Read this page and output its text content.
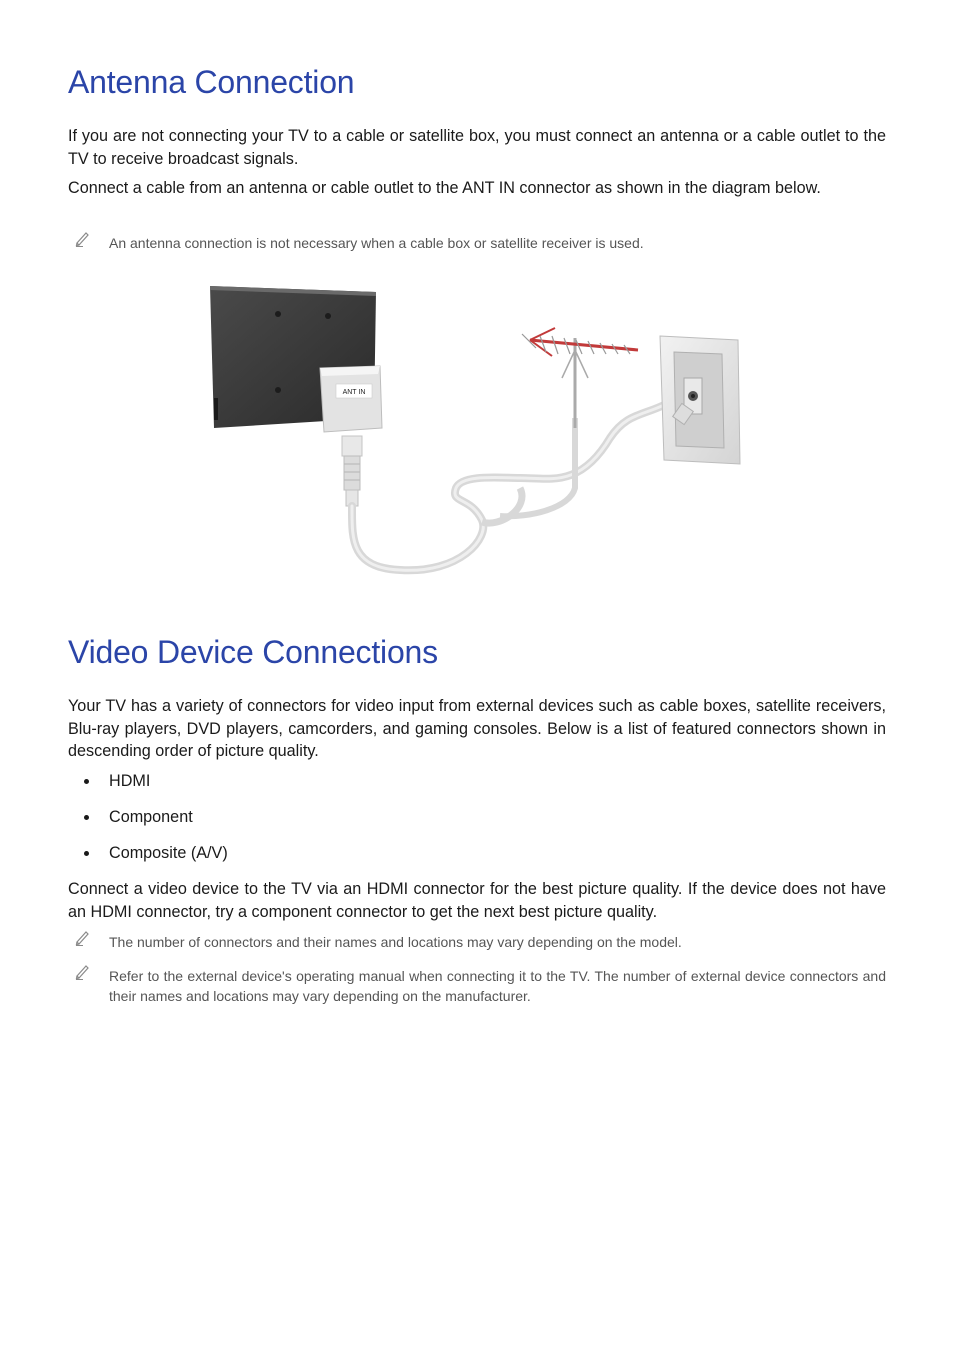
Antenna Connection

If you are not connecting your TV to a cable or satellite box, you must connect an antenna or a cable outlet to the TV to receive broadcast signals.

Connect a cable from an antenna or cable outlet to the ANT IN connector as shown in the diagram below.

An antenna connection is not necessary when a cable box or satellite receiver is used.
Video Device Connections

Your TV has a variety of connectors for video input from external devices such as cable boxes, satellite receivers, Blu-ray players, DVD players, camcorders, and gaming consoles. Below is a list of featured connectors shown in descending order of picture quality.

HDMI
Component
Composite (A/V)

Connect a video device to the TV via an HDMI connector for the best picture quality. If the device does not have an HDMI connector, try a component connector to get the next best picture quality.

The number of connectors and their names and locations may vary depending on the model.
Refer to the external device's operating manual when connecting it to the TV. The number of external device connectors and their names and locations may vary depending on the manufacturer.
ANT IN
